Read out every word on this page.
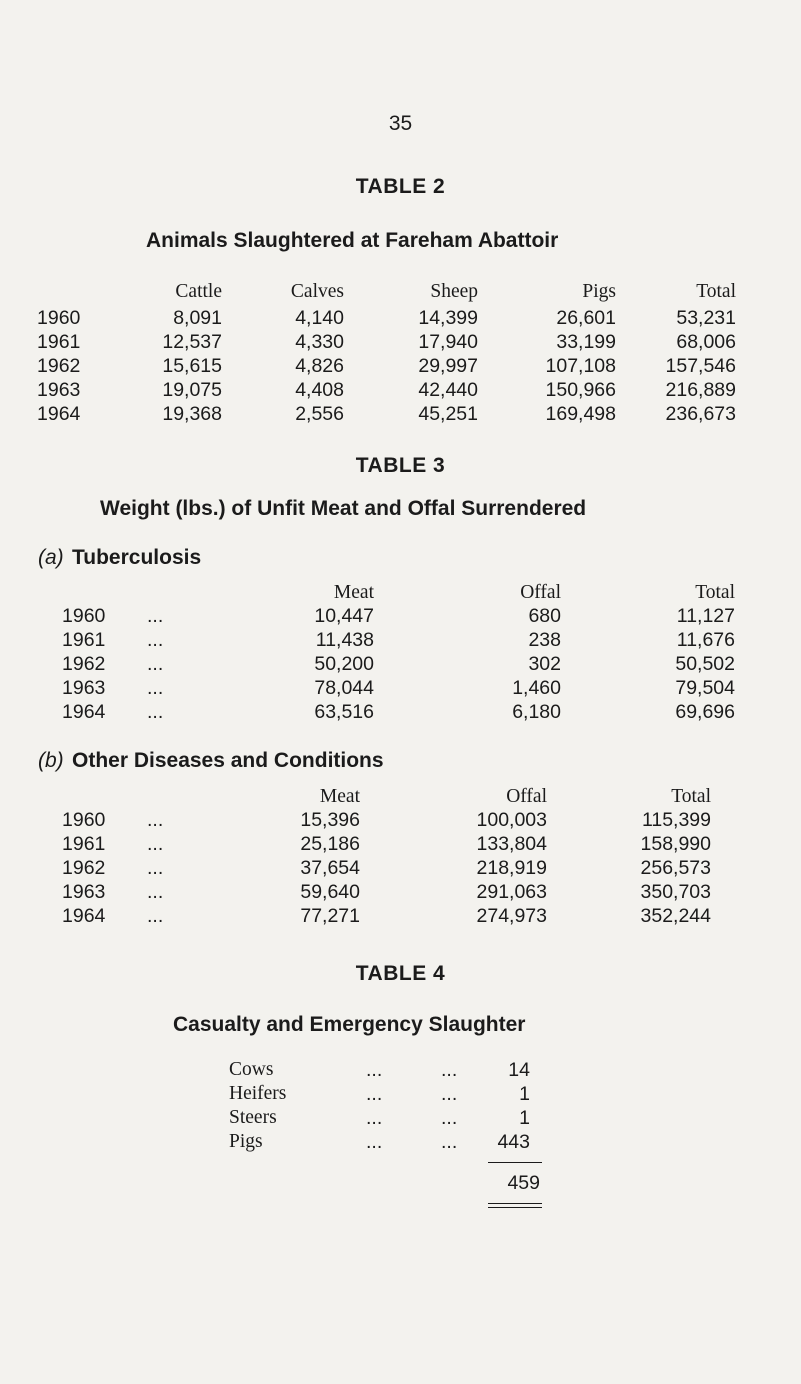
35
TABLE 2
Animals Slaughtered at Fareham Abattoir
Cattle	Calves	Sheep	Pigs	Total
1960	8,091	4,140	14,399	26,601	53,231
1961	12,537	4,330	17,940	33,199	68,006
1962	15,615	4,826	29,997	107,108	157,546
1963	19,075	4,408	42,440	150,966	216,889
1964	19,368	2,556	45,251	169,498	236,673
TABLE 3
Weight (lbs.) of Unfit Meat and Offal Surrendered
(a) Tuberculosis
Meat	Offal	Total
1960 ...	10,447	680	11,127
1961 ...	11,438	238	11,676
1962 ...	50,200	302	50,502
1963 ...	78,044	1,460	79,504
1964 ...	63,516	6,180	69,696
(b) Other Diseases and Conditions
Meat	Offal	Total
1960 ...	15,396	100,003	115,399
1961 ...	25,186	133,804	158,990
1962 ...	37,654	218,919	256,573
1963 ...	59,640	291,063	350,703
1964 ...	77,271	274,973	352,244
TABLE 4
Casualty and Emergency Slaughter
Cows	...	...	14
Heifers	...	...	1
Steers	...	...	1
Pigs	...	... 443
459
